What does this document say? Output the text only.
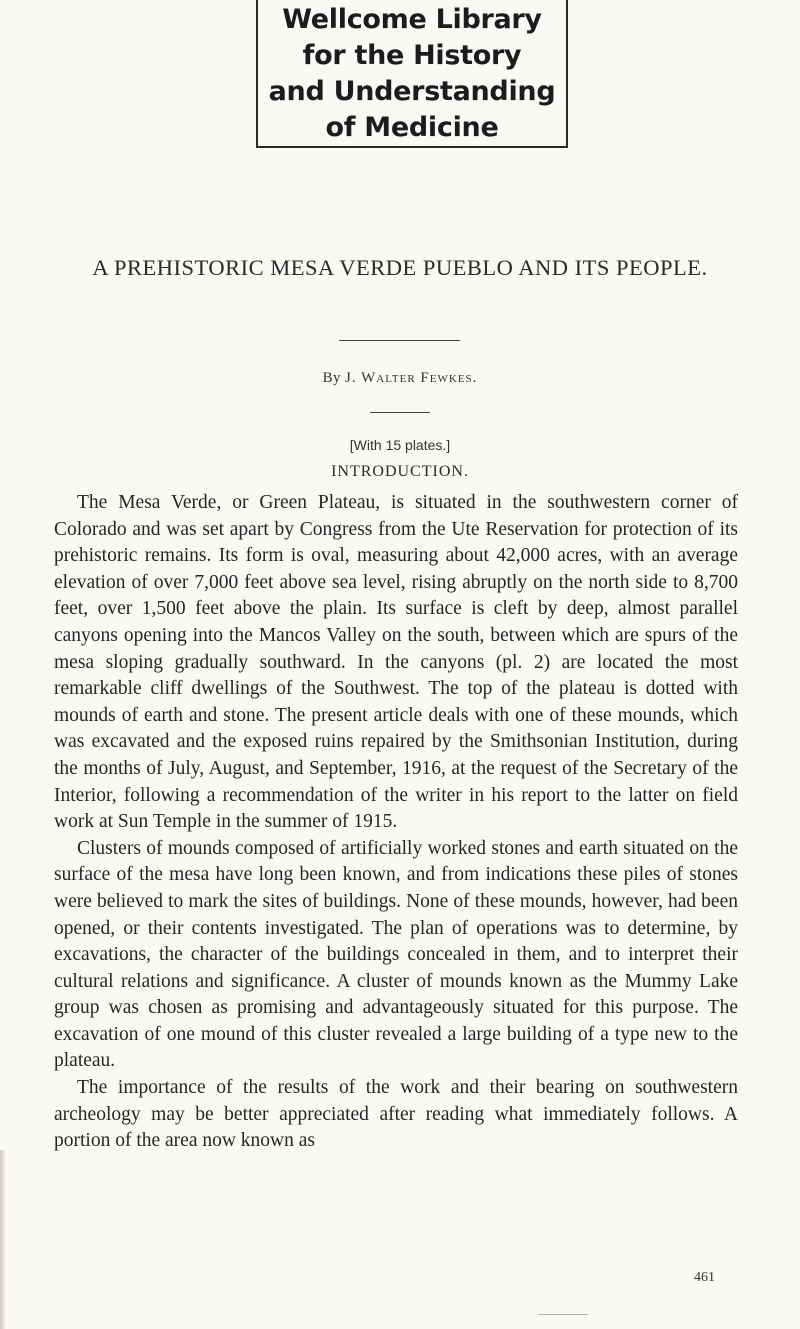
Wellcome Library
for the History
and Understanding
of Medicine
A PREHISTORIC MESA VERDE PUEBLO AND ITS PEOPLE.
By J. Walter Fewkes.
[With 15 plates.]
INTRODUCTION.

The Mesa Verde, or Green Plateau, is situated in the southwestern corner of Colorado and was set apart by Congress from the Ute Reservation for protection of its prehistoric remains. Its form is oval, measuring about 42,000 acres, with an average elevation of over 7,000 feet above sea level, rising abruptly on the north side to 8,700 feet, over 1,500 feet above the plain. Its surface is cleft by deep, almost parallel canyons opening into the Mancos Valley on the south, between which are spurs of the mesa sloping gradually southward. In the canyons (pl. 2) are located the most remarkable cliff dwellings of the Southwest. The top of the plateau is dotted with mounds of earth and stone. The present article deals with one of these mounds, which was excavated and the exposed ruins repaired by the Smithsonian Institution, during the months of July, August, and September, 1916, at the request of the Secretary of the Interior, following a recommendation of the writer in his report to the latter on field work at Sun Temple in the summer of 1915.

Clusters of mounds composed of artificially worked stones and earth situated on the surface of the mesa have long been known, and from indications these piles of stones were believed to mark the sites of buildings. None of these mounds, however, had been opened, or their contents investigated. The plan of operations was to determine, by excavations, the character of the buildings concealed in them, and to interpret their cultural relations and significance. A cluster of mounds known as the Mummy Lake group was chosen as promising and advantageously situated for this purpose. The excavation of one mound of this cluster revealed a large building of a type new to the plateau.

The importance of the results of the work and their bearing on southwestern archeology may be better appreciated after reading what immediately follows. A portion of the area now known as

461
